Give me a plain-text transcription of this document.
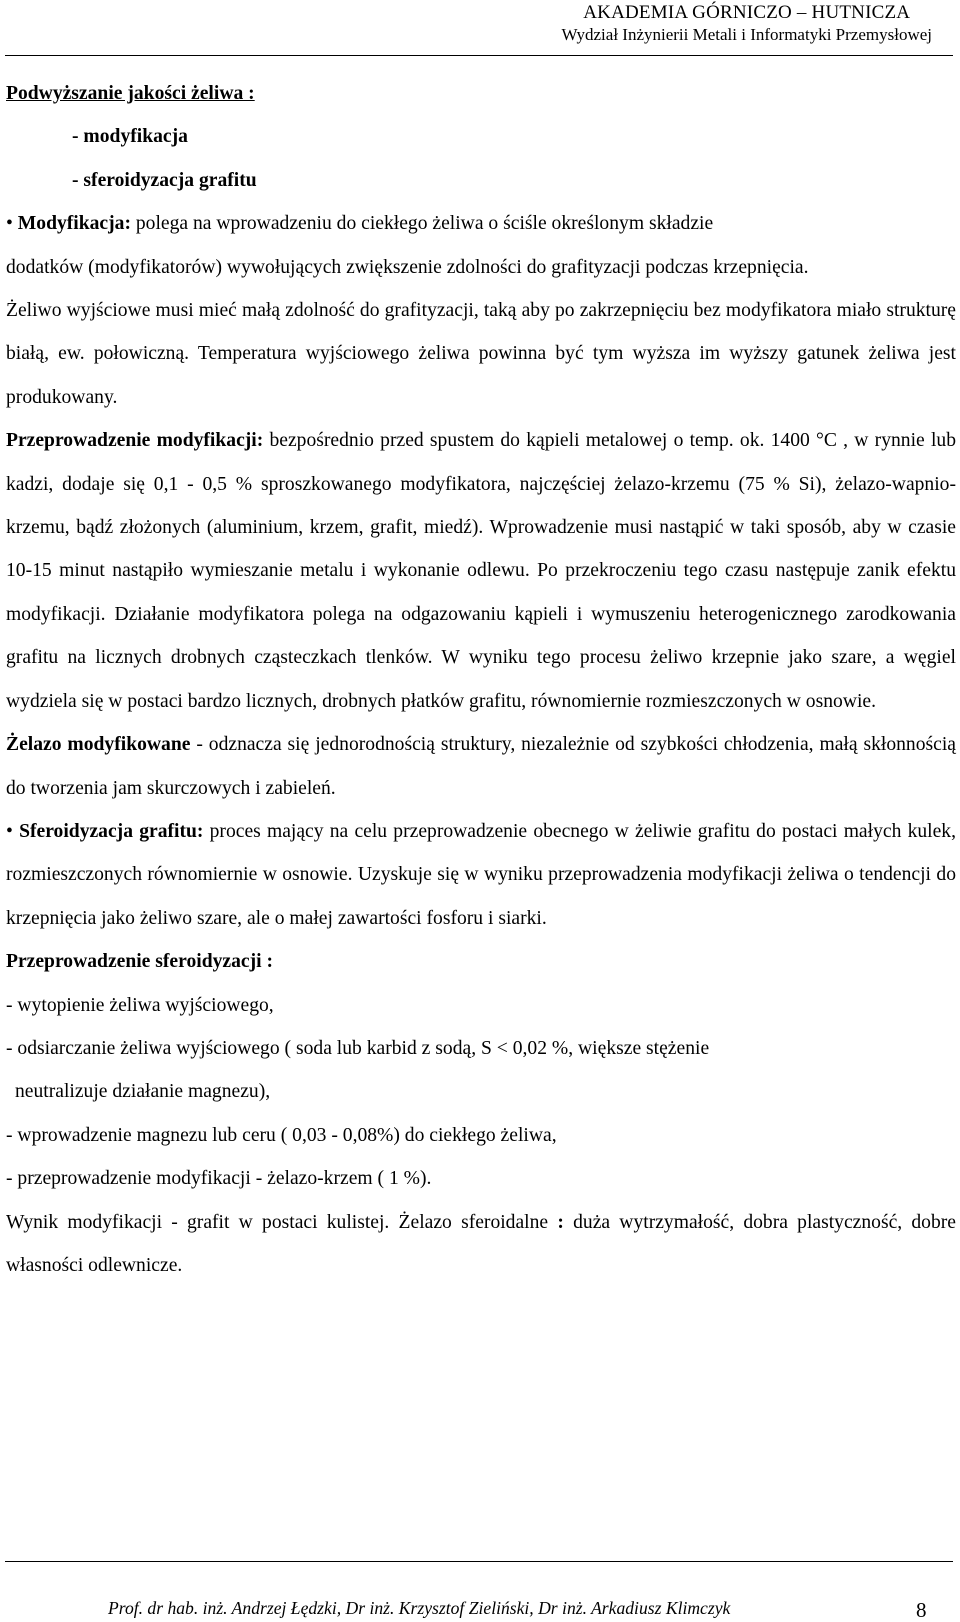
AKADEMIA GÓRNICZO – HUTNICZA
Wydział Inżynierii Metali i Informatyki Przemysłowej

Podwyższanie jakości żeliwa :

- modyfikacja

- sferoidyzacja grafitu

• Modyfikacja: polega na wprowadzeniu do ciekłego żeliwa o ściśle określonym składzie
dodatków (modyfikatorów) wywołujących zwiększenie zdolności do grafityzacji podczas krzepnięcia.

Żeliwo wyjściowe musi mieć małą zdolność do grafityzacji, taką aby po zakrzepnięciu bez modyfikatora miało strukturę białą, ew. połowiczną. Temperatura wyjściowego żeliwa powinna być tym wyższa im wyższy gatunek żeliwa jest produkowany.

Przeprowadzenie modyfikacji: bezpośrednio przed spustem do kąpieli metalowej o temp. ok. 1400 °C , w rynnie lub kadzi, dodaje się 0,1 - 0,5 % sproszkowanego modyfikatora, najczęściej żelazo-krzemu (75 % Si), żelazo-wapnio-krzemu, bądź złożonych (aluminium, krzem, grafit, miedź). Wprowadzenie musi nastąpić w taki sposób, aby w czasie 10-15 minut nastąpiło wymieszanie metalu i wykonanie odlewu. Po przekroczeniu tego czasu następuje zanik efektu modyfikacji. Działanie modyfikatora polega na odgazowaniu kąpieli i wymuszeniu heterogenicznego zarodkowania grafitu na licznych drobnych cząsteczkach tlenków. W wyniku tego procesu żeliwo krzepnie jako szare, a węgiel wydziela się w postaci bardzo licznych, drobnych płatków grafitu, równomiernie rozmieszczonych w osnowie.

Żelazo modyfikowane - odznacza się jednorodnością struktury, niezależnie od szybkości chłodzenia, małą skłonnością do tworzenia jam skurczowych i zabieleń.

• Sferoidyzacja grafitu: proces mający na celu przeprowadzenie obecnego w żeliwie grafitu do postaci małych kulek, rozmieszczonych równomiernie w osnowie. Uzyskuje się w wyniku przeprowadzenia modyfikacji żeliwa o tendencji do krzepnięcia jako żeliwo szare, ale o małej zawartości fosforu i siarki.

Przeprowadzenie sferoidyzacji :

- wytopienie żeliwa wyjściowego,

- odsiarczanie żeliwa wyjściowego ( soda lub karbid z sodą, S < 0,02 %, większe stężenie

neutralizuje działanie magnezu),

- wprowadzenie magnezu lub ceru ( 0,03 - 0,08%) do ciekłego żeliwa,

- przeprowadzenie modyfikacji - żelazo-krzem ( 1 %).

Wynik modyfikacji - grafit w postaci kulistej. Żelazo sferoidalne : duża wytrzymałość, dobra plastyczność, dobre własności odlewnicze.

Prof. dr hab. inż. Andrzej Łędzki, Dr inż. Krzysztof Zieliński, Dr inż. Arkadiusz Klimczyk	8
